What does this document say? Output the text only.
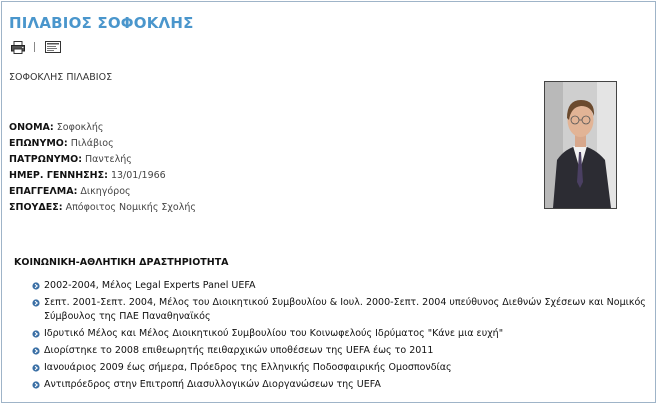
ΠΙΛΑΒΙΟΣ ΣΟΦΟΚΛΗΣ
ΣΟΦΟΚΛΗΣ ΠΙΛΑΒΙΟΣ
ΟΝΟΜΑ: Σοφοκλής
ΕΠΩΝΥΜΟ: Πιλάβιος
ΠΑΤΡΩΝΥΜΟ: Παντελής
ΗΜΕΡ. ΓΕΝΝΗΣΗΣ: 13/01/1966
ΕΠΑΓΓΕΛΜΑ: Δικηγόρος
ΣΠΟΥΔΕΣ: Απόφοιτος Νομικής Σχολής
ΚΟΙΝΩΝΙΚΗ-ΑΘΛΗΤΙΚΗ ΔΡΑΣΤΗΡΙΟΤΗΤΑ
2002-2004, Μέλος Legal Experts Panel UEFA
Σεπτ. 2001-Σεπτ. 2004, Μέλος του Διοικητικού Συμβουλίου & Ιουλ. 2000-Σεπτ. 2004 υπεύθυνος Διεθνών Σχέσεων και Νομικός Σύμβουλος της ΠΑΕ Παναθηναϊκός
Ιδρυτικό Μέλος και Μέλος Διοικητικού Συμβουλίου του Κοινωφελούς Ιδρύματος "Κάνε μια ευχή"
Διορίστηκε το 2008 επιθεωρητής πειθαρχικών υποθέσεων της UEFA έως το 2011
Ιανουάριος 2009 έως σήμερα, Πρόεδρος της Ελληνικής Ποδοσφαιρικής Ομοσπονδίας
Αντιπρόεδρος στην Επιτροπή Διασυλλογικών Διοργανώσεων της UEFA
